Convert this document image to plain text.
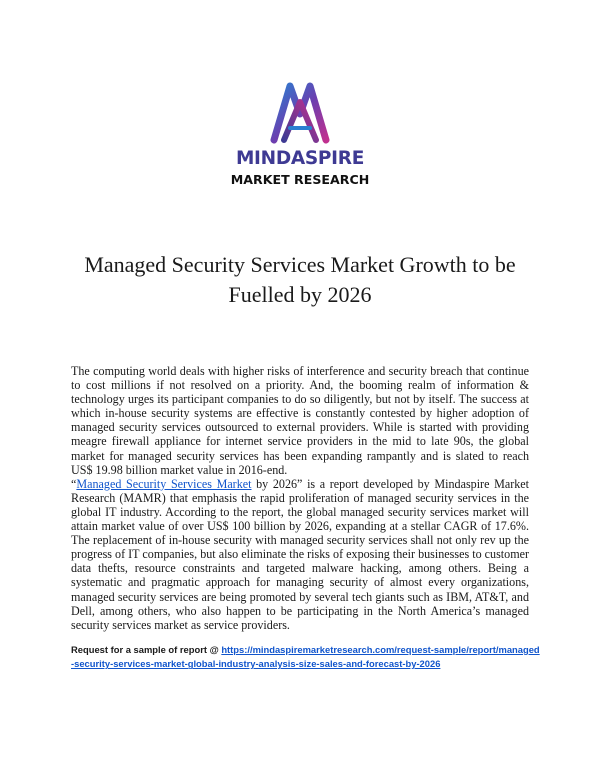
MINDASPIRE
MARKET RESEARCH
Managed Security Services Market Growth to be Fuelled by 2026

The computing world deals with higher risks of interference and security breach that continue to cost millions if not resolved on a priority. And, the booming realm of information & technology urges its participant companies to do so diligently, but not by itself. The success at which in-house security systems are effective is constantly contested by higher adoption of managed security services outsourced to external providers. While is started with providing meagre firewall appliance for internet service providers in the mid to late 90s, the global market for managed security services has been expanding rampantly and is slated to reach US$ 19.98 billion market value in 2016-end.
“Managed Security Services Market by 2026” is a report developed by Mindaspire Market Research (MAMR) that emphasis the rapid proliferation of managed security services in the global IT industry. According to the report, the global managed security services market will attain market value of over US$ 100 billion by 2026, expanding at a stellar CAGR of 17.6%. The replacement of in-house security with managed security services shall not only rev up the progress of IT companies, but also eliminate the risks of exposing their businesses to customer data thefts, resource constraints and targeted malware hacking, among others. Being a systematic and pragmatic approach for managing security of almost every organizations, managed security services are being promoted by several tech giants such as IBM, AT&T, and Dell, among others, who also happen to be participating in the North America’s managed security services market as service providers.

Request for a sample of report @ https://mindaspiremarketresearch.com/request-sample/report/managed-security-services-market-global-industry-analysis-size-sales-and-forecast-by-2026
